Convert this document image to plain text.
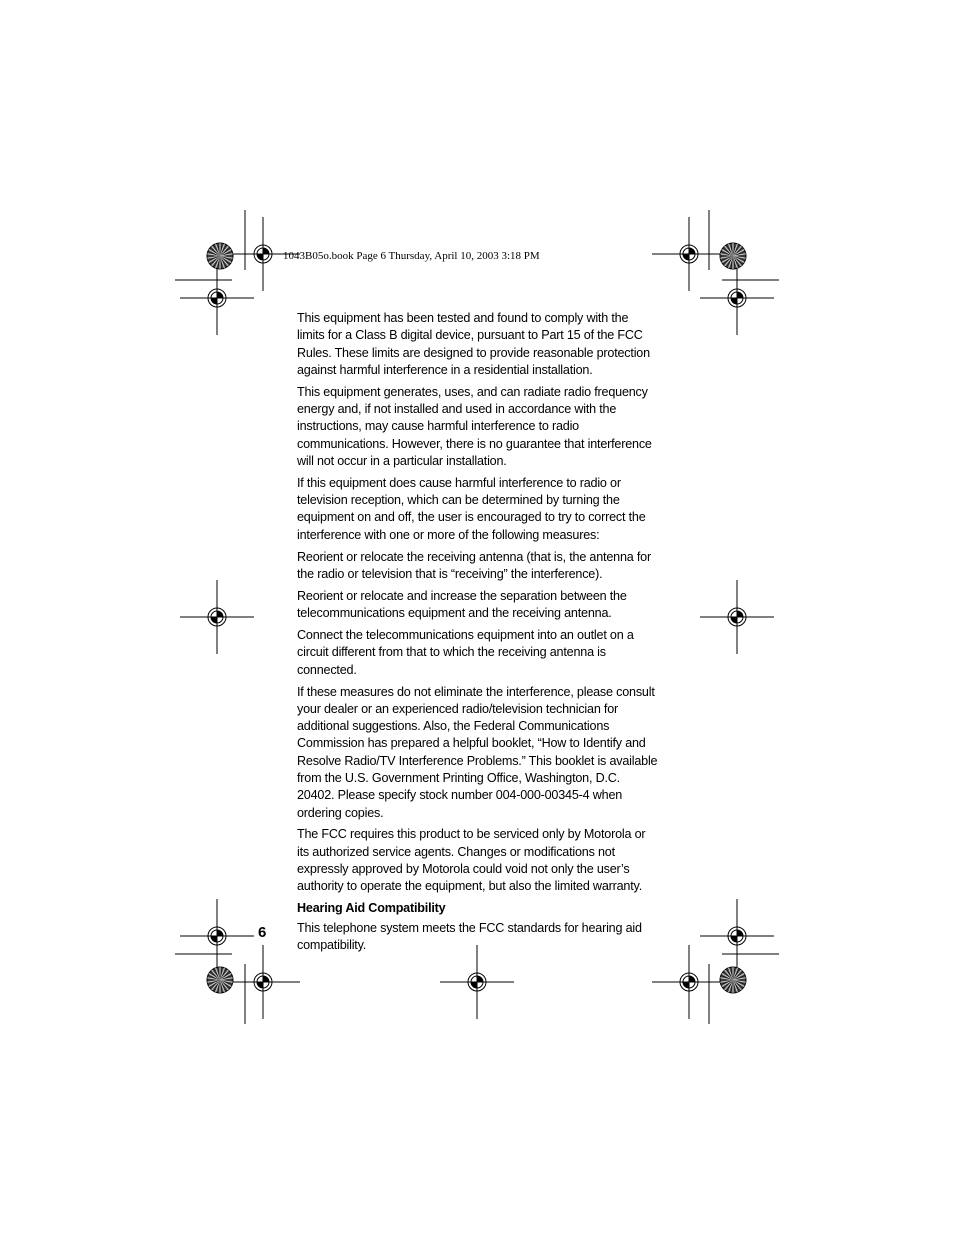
1043B05o.book Page 6 Thursday, April 10, 2003 3:18 PM

This equipment has been tested and found to comply with the limits for a Class B digital device, pursuant to Part 15 of the FCC Rules. These limits are designed to provide reasonable protection against harmful interference in a residential installation.

This equipment generates, uses, and can radiate radio frequency energy and, if not installed and used in accordance with the instructions, may cause harmful interference to radio communications. However, there is no guarantee that interference will not occur in a particular installation.

If this equipment does cause harmful interference to radio or television reception, which can be determined by turning the equipment on and off, the user is encouraged to try to correct the interference with one or more of the following measures:

Reorient or relocate the receiving antenna (that is, the antenna for the radio or television that is “receiving” the interference).

Reorient or relocate and increase the separation between the telecommunications equipment and the receiving antenna.

Connect the telecommunications equipment into an outlet on a circuit different from that to which the receiving antenna is connected.

If these measures do not eliminate the interference, please consult your dealer or an experienced radio/television technician for additional suggestions. Also, the Federal Communications Commission has prepared a helpful booklet, “How to Identify and Resolve Radio/TV Interference Problems.” This booklet is available from the U.S. Government Printing Office, Washington, D.C. 20402. Please specify stock number 004-000-00345-4 when ordering copies.

The FCC requires this product to be serviced only by Motorola or its authorized service agents. Changes or modifications not expressly approved by Motorola could void not only the user’s authority to operate the equipment, but also the limited warranty.

Hearing Aid Compatibility

This telephone system meets the FCC standards for hearing aid compatibility.

6
